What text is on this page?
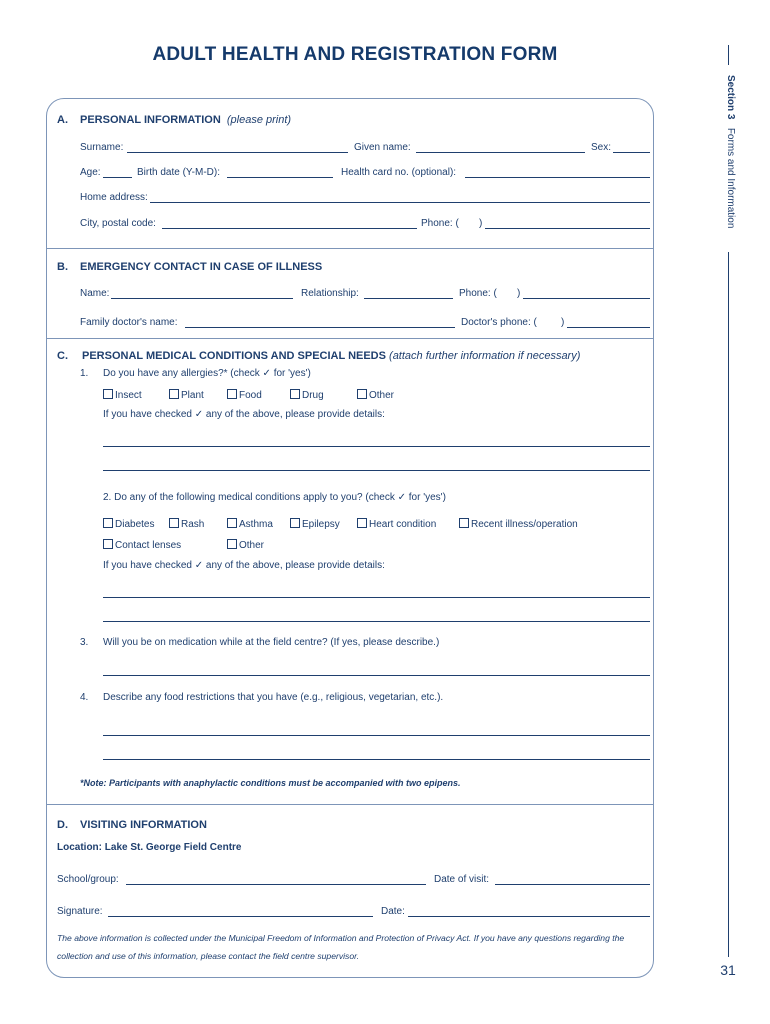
ADULT HEALTH AND REGISTRATION FORM
Section 3   Forms and Information
31
A. PERSONAL INFORMATION (please print)
Surname:	Given name:	Sex:
Age:	Birth date (Y-M-D):	Health card no. (optional):
Home address:
City, postal code:	Phone: ( )
B. EMERGENCY CONTACT IN CASE OF ILLNESS
Name:	Relationship:	Phone: ( )
Family doctor's name:	Doctor's phone: ( )
C. PERSONAL MEDICAL CONDITIONS AND SPECIAL NEEDS (attach further information if necessary)
1. Do you have any allergies?* (check ✓ for 'yes')
Insect	Plant	Food	Drug	Other
If you have checked ✓ any of the above, please provide details:
2. Do any of the following medical conditions apply to you? (check ✓ for 'yes')
Diabetes	Rash	Asthma	Epilepsy	Heart condition	Recent illness/operation
Contact lenses	Other
If you have checked ✓ any of the above, please provide details:
3. Will you be on medication while at the field centre? (If yes, please describe.)
4. Describe any food restrictions that you have (e.g., religious, vegetarian, etc.).
*Note: Participants with anaphylactic conditions must be accompanied with two epipens.
D. VISITING INFORMATION
Location: Lake St. George Field Centre
School/group:	Date of visit:
Signature:	Date:
The above information is collected under the Municipal Freedom of Information and Protection of Privacy Act. If you have any questions regarding the
collection and use of this information, please contact the field centre supervisor.
